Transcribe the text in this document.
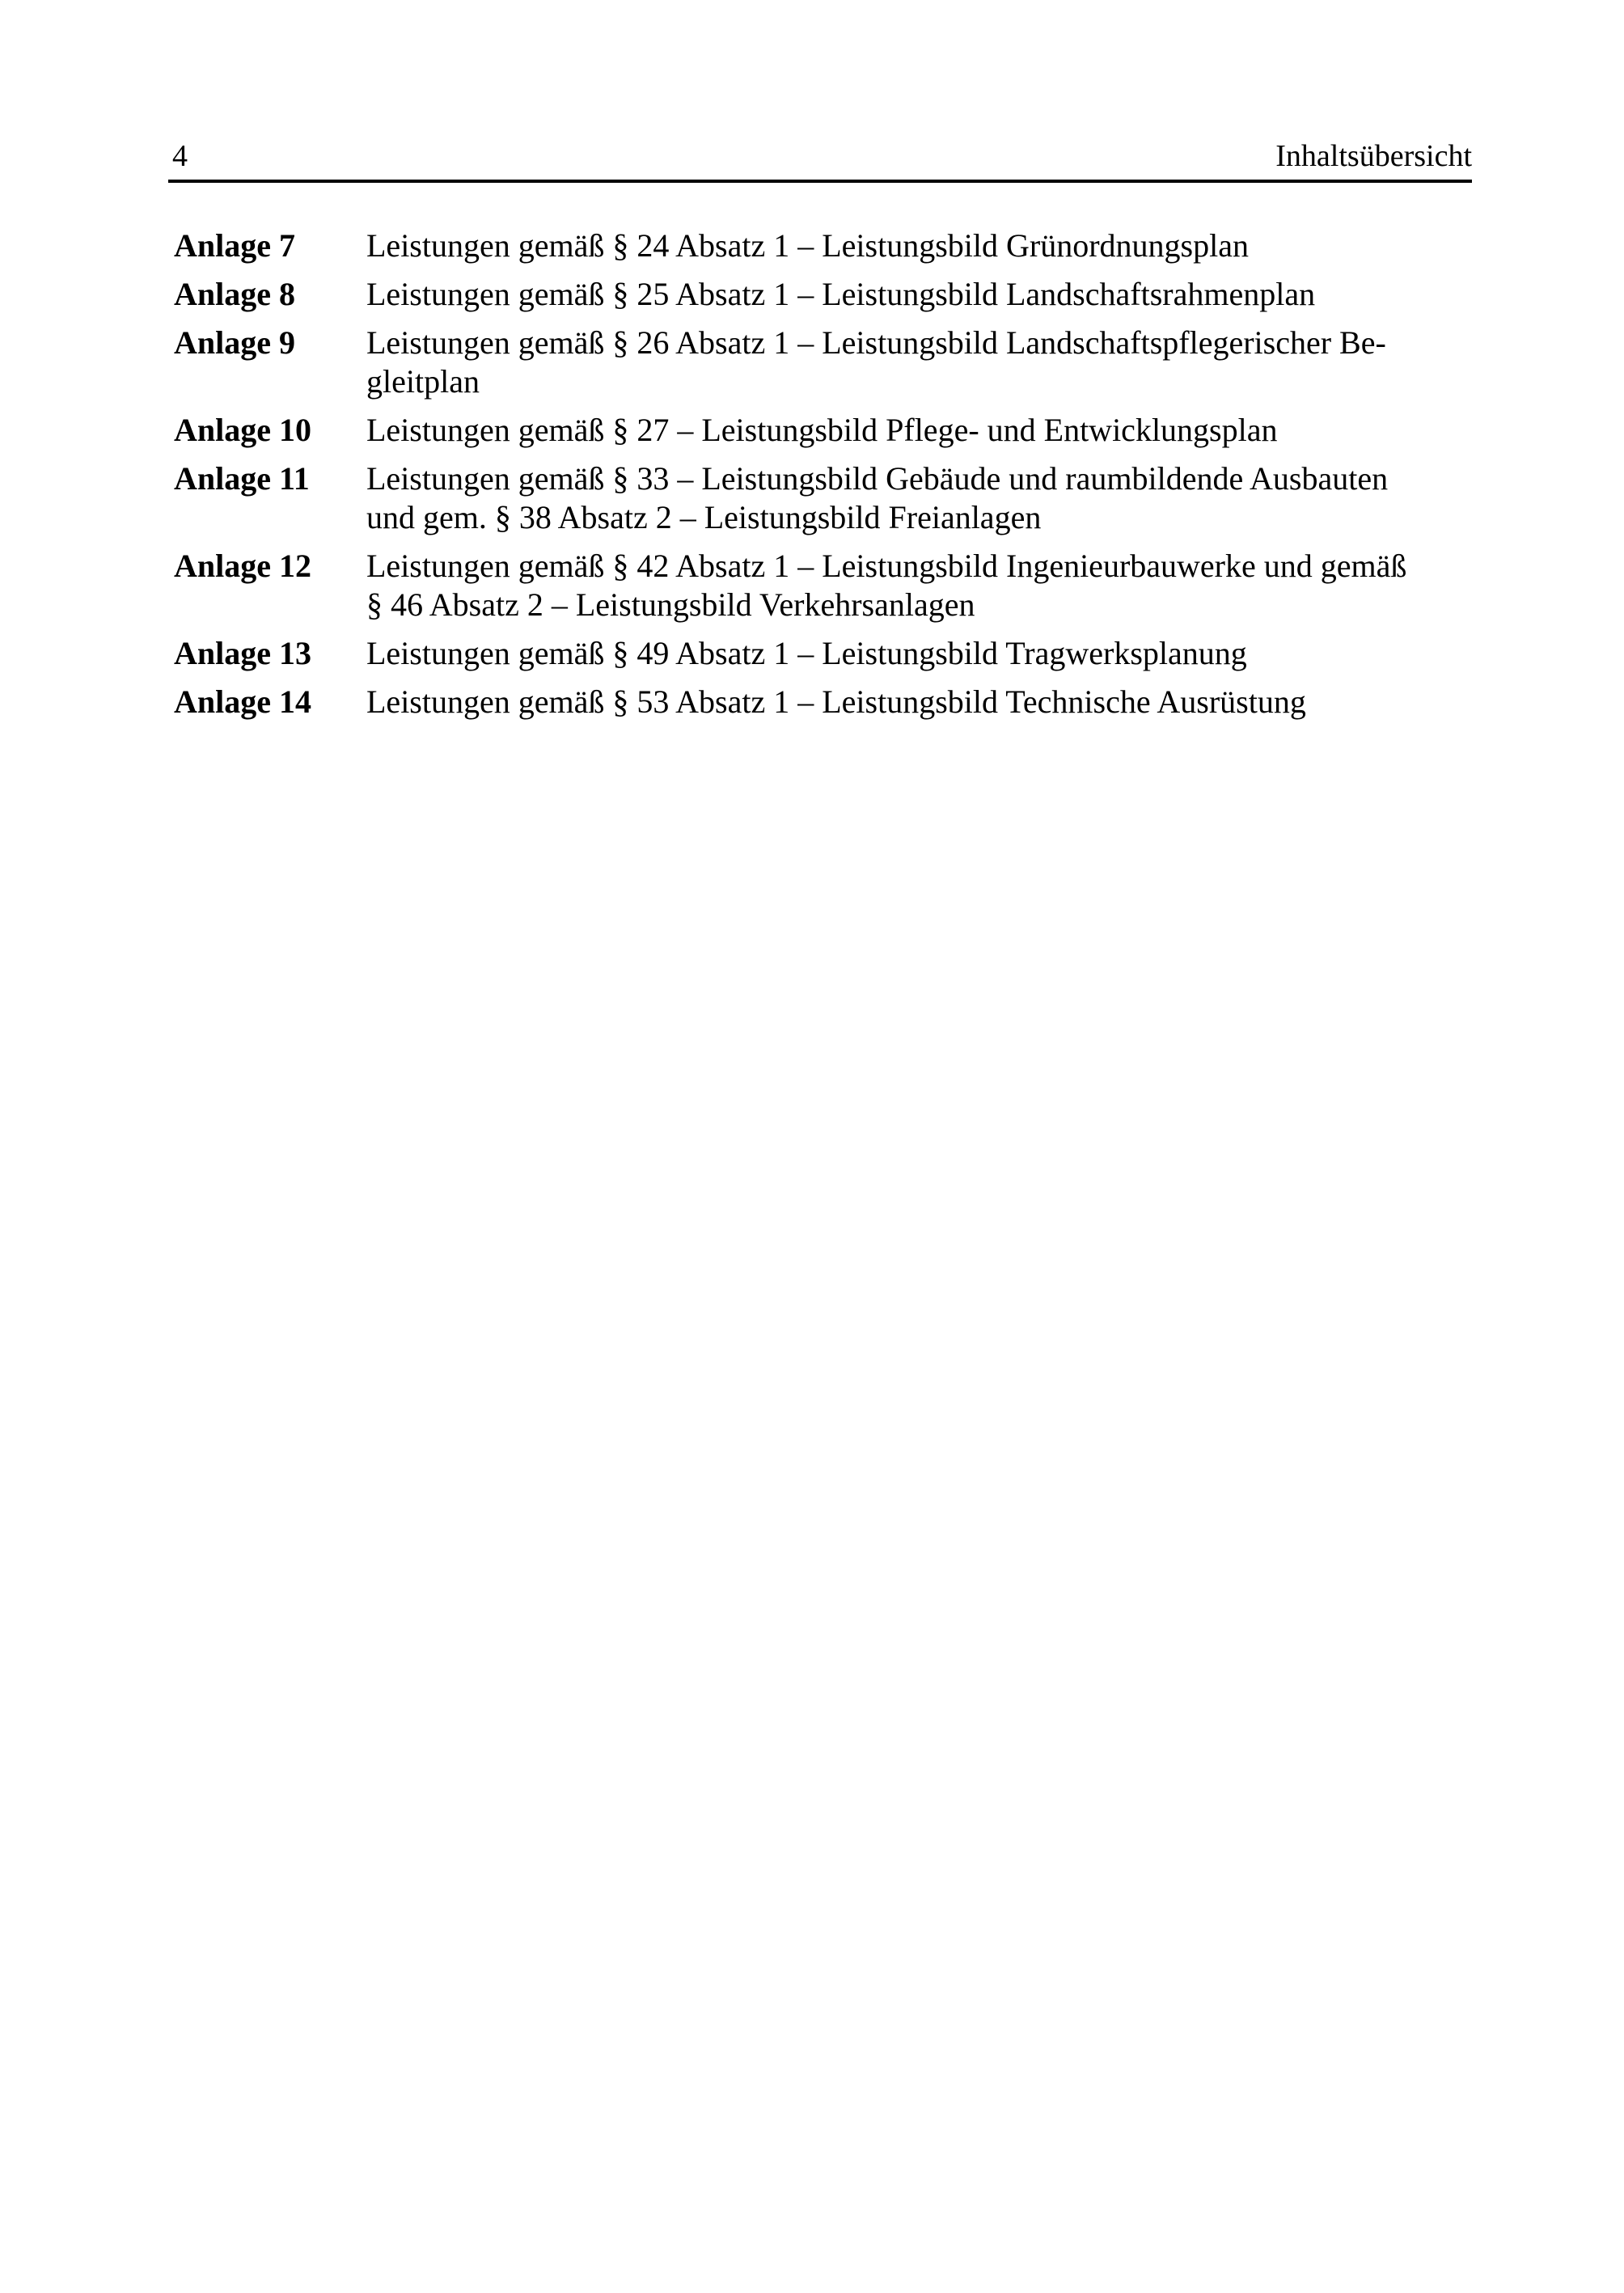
4	Inhaltsübersicht
Anlage 7	Leistungen gemäß § 24 Absatz 1 – Leistungsbild Grünordnungsplan
Anlage 8	Leistungen gemäß § 25 Absatz 1 – Leistungsbild Landschaftsrahmenplan
Anlage 9	Leistungen gemäß § 26 Absatz 1 – Leistungsbild Landschaftspflegerischer Be-
gleitplan
Anlage 10	Leistungen gemäß § 27 – Leistungsbild Pflege- und Entwicklungsplan
Anlage 11	Leistungen gemäß § 33 – Leistungsbild Gebäude und raumbildende Ausbauten
und gem. § 38 Absatz 2 – Leistungsbild Freianlagen
Anlage 12	Leistungen gemäß § 42 Absatz 1 – Leistungsbild Ingenieurbauwerke und gemäß
§ 46 Absatz 2 – Leistungsbild Verkehrsanlagen
Anlage 13	Leistungen gemäß § 49 Absatz 1 – Leistungsbild Tragwerksplanung
Anlage 14	Leistungen gemäß § 53 Absatz 1 – Leistungsbild Technische Ausrüstung
